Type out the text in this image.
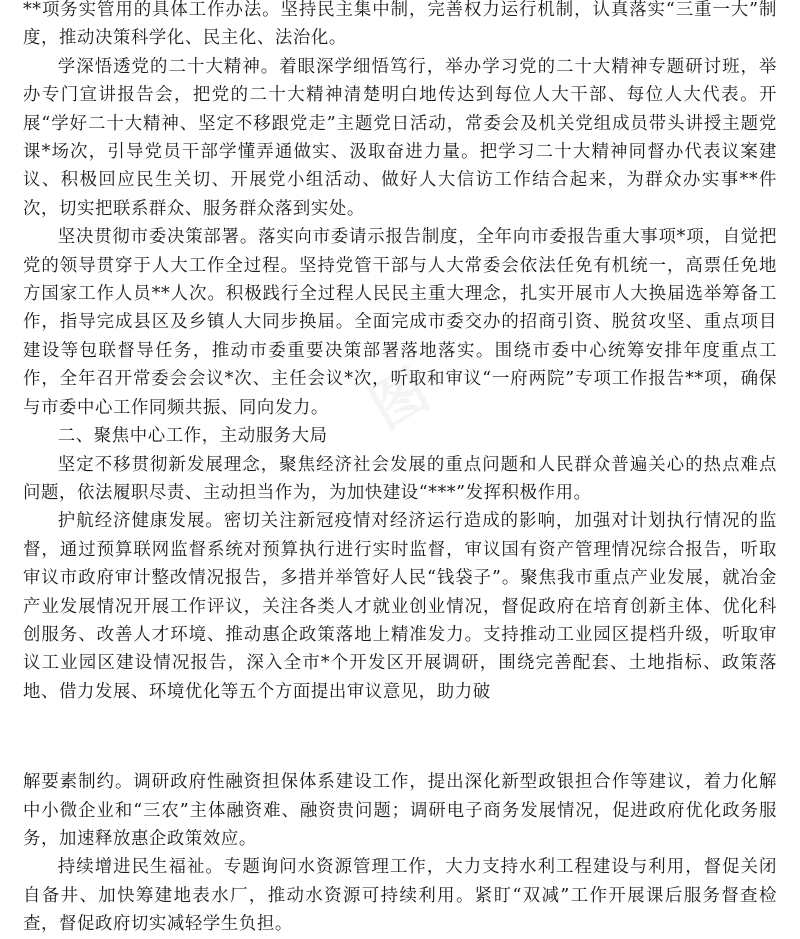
**项务实管用的具体工作办法。坚持民主集中制，完善权力运行机制，认真落实“三重一大”制度，推动决策科学化、民主化、法治化。

学深悟透党的二十大精神。着眼深学细悟笃行，举办学习党的二十大精神专题研讨班，举办专门宣讲报告会，把党的二十大精神清楚明白地传达到每位人大干部、每位人大代表。开展“学好二十大精神、坚定不移跟党走”主题党日活动，常委会及机关党组成员带头讲授主题党课*场次，引导党员干部学懂弄通做实、汲取奋进力量。把学习二十大精神同督办代表议案建议、积极回应民生关切、开展党小组活动、做好人大信访工作结合起来，为群众办实事**件次，切实把联系群众、服务群众落到实处。

坚决贯彻市委决策部署。落实向市委请示报告制度，全年向市委报告重大事项*项，自觉把党的领导贯穿于人大工作全过程。坚持党管干部与人大常委会依法任免有机统一，高票任免地方国家工作人员**人次。积极践行全过程人民民主重大理念，扎实开展市人大换届选举筹备工作，指导完成县区及乡镇人大同步换届。全面完成市委交办的招商引资、脱贫攻坚、重点项目建设等包联督导任务，推动市委重要决策部署落地落实。围绕市委中心统筹安排年度重点工作，全年召开常委会会议*次、主任会议*次，听取和审议“一府两院”专项工作报告**项，确保与市委中心工作同频共振、同向发力。

二、聚焦中心工作，主动服务大局

坚定不移贯彻新发展理念，聚焦经济社会发展的重点问题和人民群众普遍关心的热点难点问题，依法履职尽责、主动担当作为，为加快建设“***”发挥积极作用。

护航经济健康发展。密切关注新冠疫情对经济运行造成的影响，加强对计划执行情况的监督，通过预算联网监督系统对预算执行进行实时监督，审议国有资产管理情况综合报告，听取审议市政府审计整改情况报告，多措并举管好人民“钱袋子”。聚焦我市重点产业发展，就冶金产业发展情况开展工作评议，关注各类人才就业创业情况，督促政府在培育创新主体、优化科创服务、改善人才环境、推动惠企政策落地上精准发力。支持推动工业园区提档升级，听取审议工业园区建设情况报告，深入全市*个开发区开展调研，围绕完善配套、土地指标、政策落地、借力发展、环境优化等五个方面提出审议意见，助力破

解要素制约。调研政府性融资担保体系建设工作，提出深化新型政银担合作等建议，着力化解中小微企业和“三农”主体融资难、融资贵问题；调研电子商务发展情况，促进政府优化政务服务，加速释放惠企政策效应。

持续增进民生福祉。专题询问水资源管理工作，大力支持水利工程建设与利用，督促关闭自备井、加快筹建地表水厂，推动水资源可持续利用。紧盯“双减”工作开展课后服务督查检查，督促政府切实减轻学生负担。
